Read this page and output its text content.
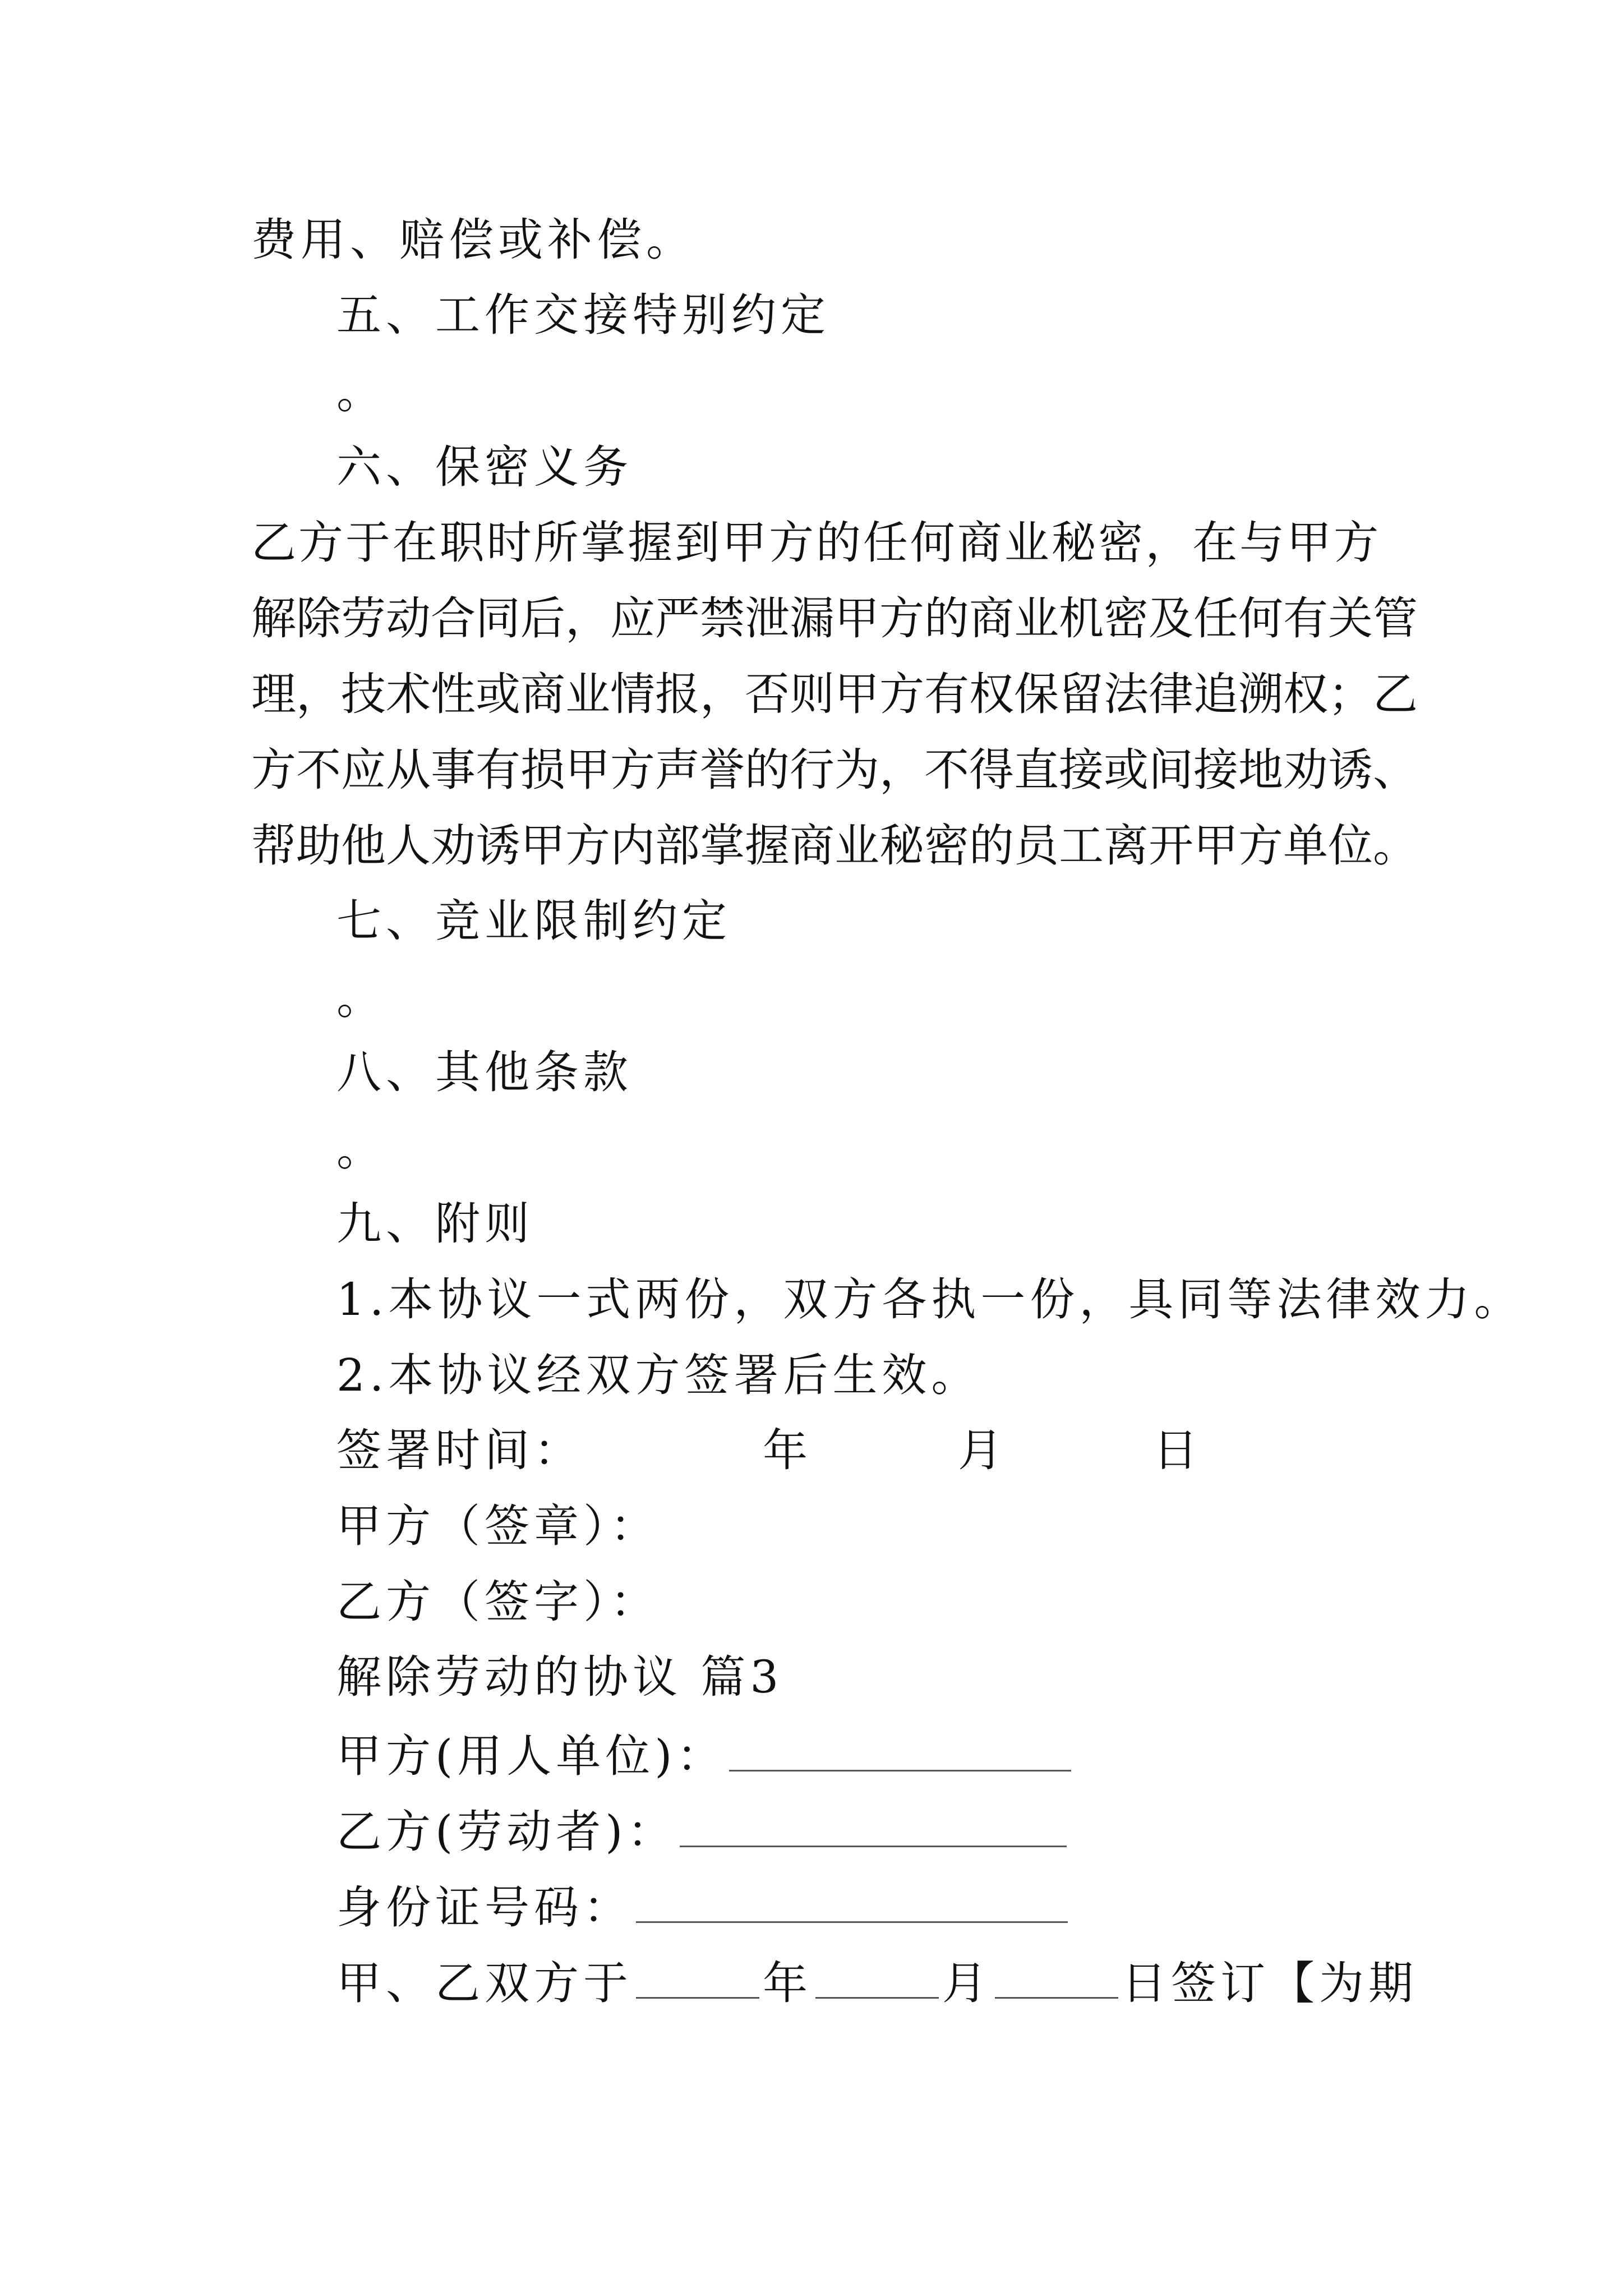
费用、赔偿或补偿。
五、工作交接特别约定
。
六、保密义务
乙方于在职时所掌握到甲方的任何商业秘密，在与甲方
解除劳动合同后，应严禁泄漏甲方的商业机密及任何有关管
理，技术性或商业情报，否则甲方有权保留法律追溯权；乙
方不应从事有损甲方声誉的行为，不得直接或间接地劝诱、
帮助他人劝诱甲方内部掌握商业秘密的员工离开甲方单位。
七、竞业限制约定
。
八、其他条款
。
九、附则
1.本协议一式两份，双方各执一份，具同等法律效力。
2.本协议经双方签署后生效。
签署时间：	年	月	日
甲方（签章）：
乙方（签字）：
解除劳动的协议 篇3
甲方(用人单位)：
乙方(劳动者)：
身份证号码：
甲、乙双方于	年	月	日签订【为期
